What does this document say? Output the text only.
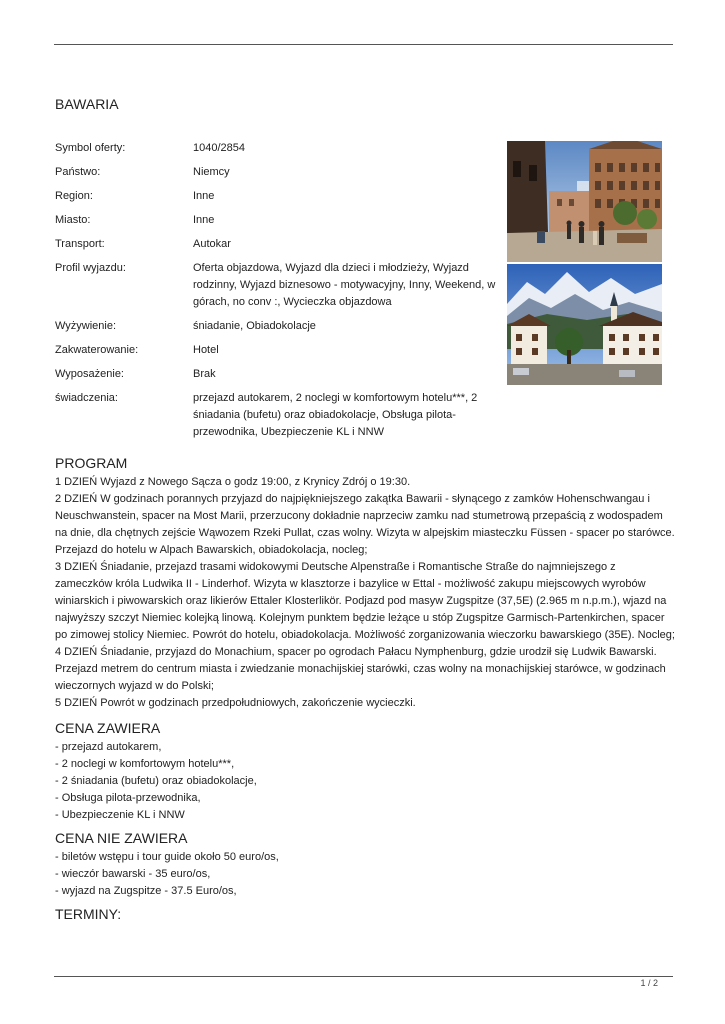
BAWARIA
Symbol oferty:	1040/2854
Państwo:	Niemcy
Region:	Inne
Miasto:	Inne
Transport:	Autokar
Profil wyjazdu:	Oferta objazdowa, Wyjazd dla dzieci i młodzieży, Wyjazd rodzinny, Wyjazd biznesowo - motywacyjny, Inny, Weekend, w górach, no conv :, Wycieczka objazdowa
Wyżywienie:	śniadanie, Obiadokolacje
Zakwaterowanie:	Hotel
Wyposażenie:	Brak
świadczenia:	przejazd autokarem, 2 noclegi w komfortowym hotelu***, 2 śniadania (bufetu) oraz obiadokolacje, Obsługa pilota-przewodnika, Ubezpieczenie KL i NNW
PROGRAM

1 DZIEŃ Wyjazd z Nowego Sącza o godz 19:00, z Krynicy Zdrój o 19:30.

2 DZIEŃ W godzinach porannych przyjazd do najpiękniejszego zakątka Bawarii - słynącego z zamków Hohenschwangau i Neuschwanstein, spacer na Most Marii, przerzucony dokładnie naprzeciw zamku nad stumetrową przepaścią z wodospadem na dnie, dla chętnych zejście Wąwozem Rzeki Pullat, czas wolny. Wizyta w alpejskim miasteczku Füssen - spacer po starówce. Przejazd do hotelu w Alpach Bawarskich, obiadokolacja, nocleg;

3 DZIEŃ Śniadanie, przejazd trasami widokowymi Deutsche Alpenstraße i Romantische Straße do najmniejszego z zameczków króla Ludwika II - Linderhof. Wizyta w klasztorze i bazylice w Ettal - możliwość zakupu miejscowych wyrobów winiarskich i piwowarskich oraz likierów Ettaler Klosterlikör. Podjazd pod masyw Zugspitze (37,5E) (2.965 m n.p.m.), wjazd na najwyższy szczyt Niemiec kolejką linową. Kolejnym punktem będzie leżące u stóp Zugspitze Garmisch-Partenkirchen, spacer po zimowej stolicy Niemiec. Powrót do hotelu, obiadokolacja. Możliwość zorganizowania wieczorku bawarskiego (35E). Nocleg;

4 DZIEŃ Śniadanie, przyjazd do Monachium, spacer po ogrodach Pałacu Nymphenburg, gdzie urodził się Ludwik Bawarski. Przejazd metrem do centrum miasta i zwiedzanie monachijskiej starówki, czas wolny na monachijskiej starówce, w godzinach wieczornych wyjazd w do Polski;

5 DZIEŃ Powrót w godzinach przedpołudniowych, zakończenie wycieczki.

CENA ZAWIERA

- przejazd autokarem,

- 2 noclegi w komfortowym hotelu***,

- 2 śniadania (bufetu) oraz obiadokolacje,

- Obsługa pilota-przewodnika,

- Ubezpieczenie KL i NNW

CENA NIE ZAWIERA

- biletów wstępu i tour guide około 50 euro/os,

- wieczór bawarski - 35 euro/os,

- wyjazd na Zugspitze - 37.5 Euro/os,

TERMINY:
1 / 2
